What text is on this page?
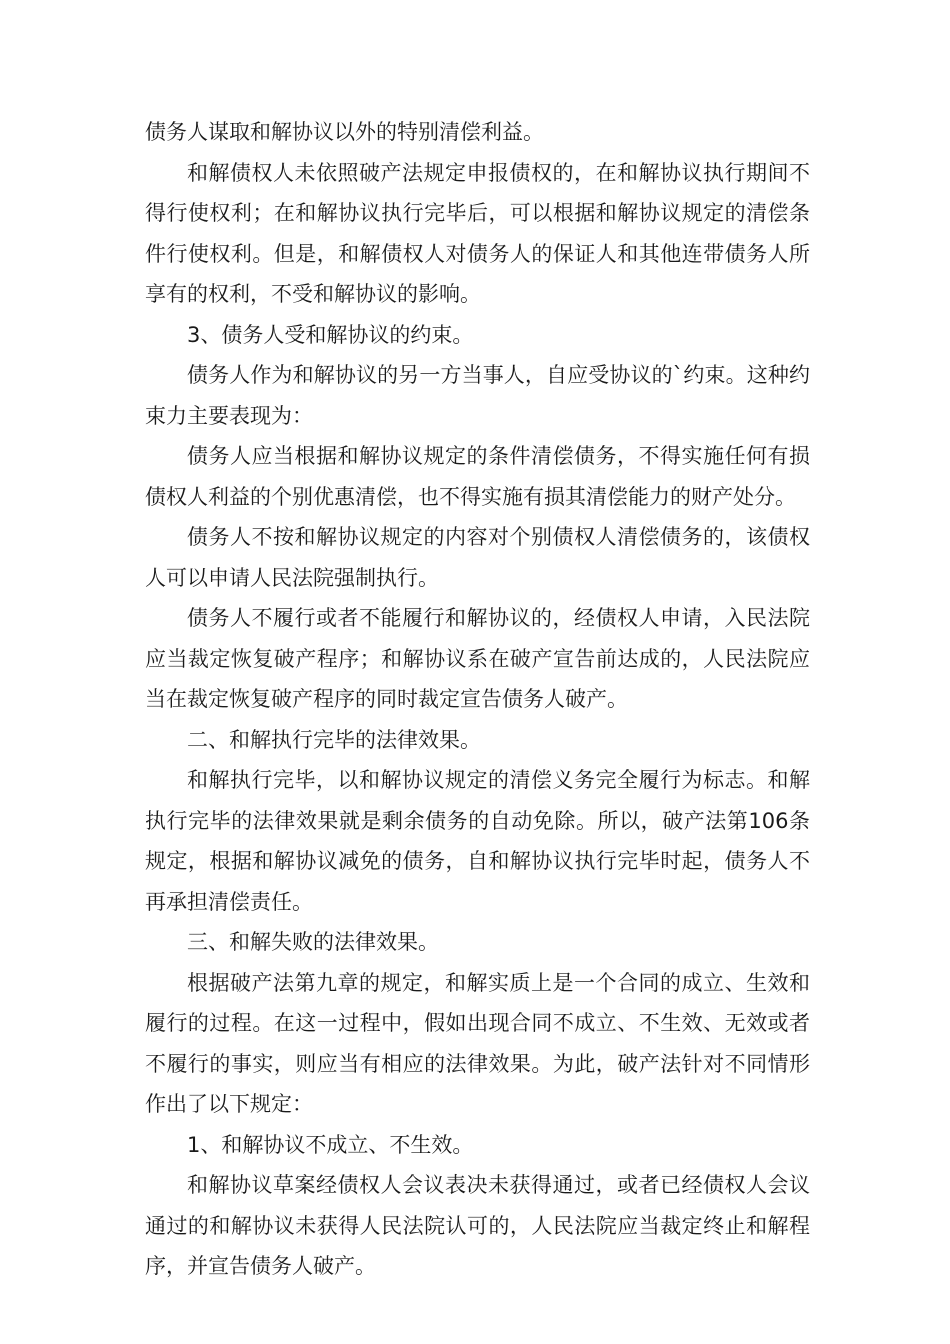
债务人谋取和解协议以外的特别清偿利益。

和解债权人未依照破产法规定申报债权的，在和解协议执行期间不得行使权利；在和解协议执行完毕后，可以根据和解协议规定的清偿条件行使权利。但是，和解债权人对债务人的保证人和其他连带债务人所享有的权利，不受和解协议的影响。

3、债务人受和解协议的约束。

债务人作为和解协议的另一方当事人，自应受协议的`约束。这种约束力主要表现为：

债务人应当根据和解协议规定的条件清偿债务，不得实施任何有损债权人利益的个别优惠清偿，也不得实施有损其清偿能力的财产处分。

债务人不按和解协议规定的内容对个别债权人清偿债务的，该债权人可以申请人民法院强制执行。

债务人不履行或者不能履行和解协议的，经债权人申请，入民法院应当裁定恢复破产程序；和解协议系在破产宣告前达成的，人民法院应当在裁定恢复破产程序的同时裁定宣告债务人破产。

二、和解执行完毕的法律效果。

和解执行完毕，以和解协议规定的清偿义务完全履行为标志。和解执行完毕的法律效果就是剩余债务的自动免除。所以，破产法第106条规定，根据和解协议减免的债务，自和解协议执行完毕时起，债务人不再承担清偿责任。

三、和解失败的法律效果。

根据破产法第九章的规定，和解实质上是一个合同的成立、生效和履行的过程。在这一过程中，假如出现合同不成立、不生效、无效或者不履行的事实，则应当有相应的法律效果。为此，破产法针对不同情形作出了以下规定：

1、和解协议不成立、不生效。

和解协议草案经债权人会议表决未获得通过，或者已经债权人会议通过的和解协议未获得人民法院认可的，人民法院应当裁定终止和解程序，并宣告债务人破产。
